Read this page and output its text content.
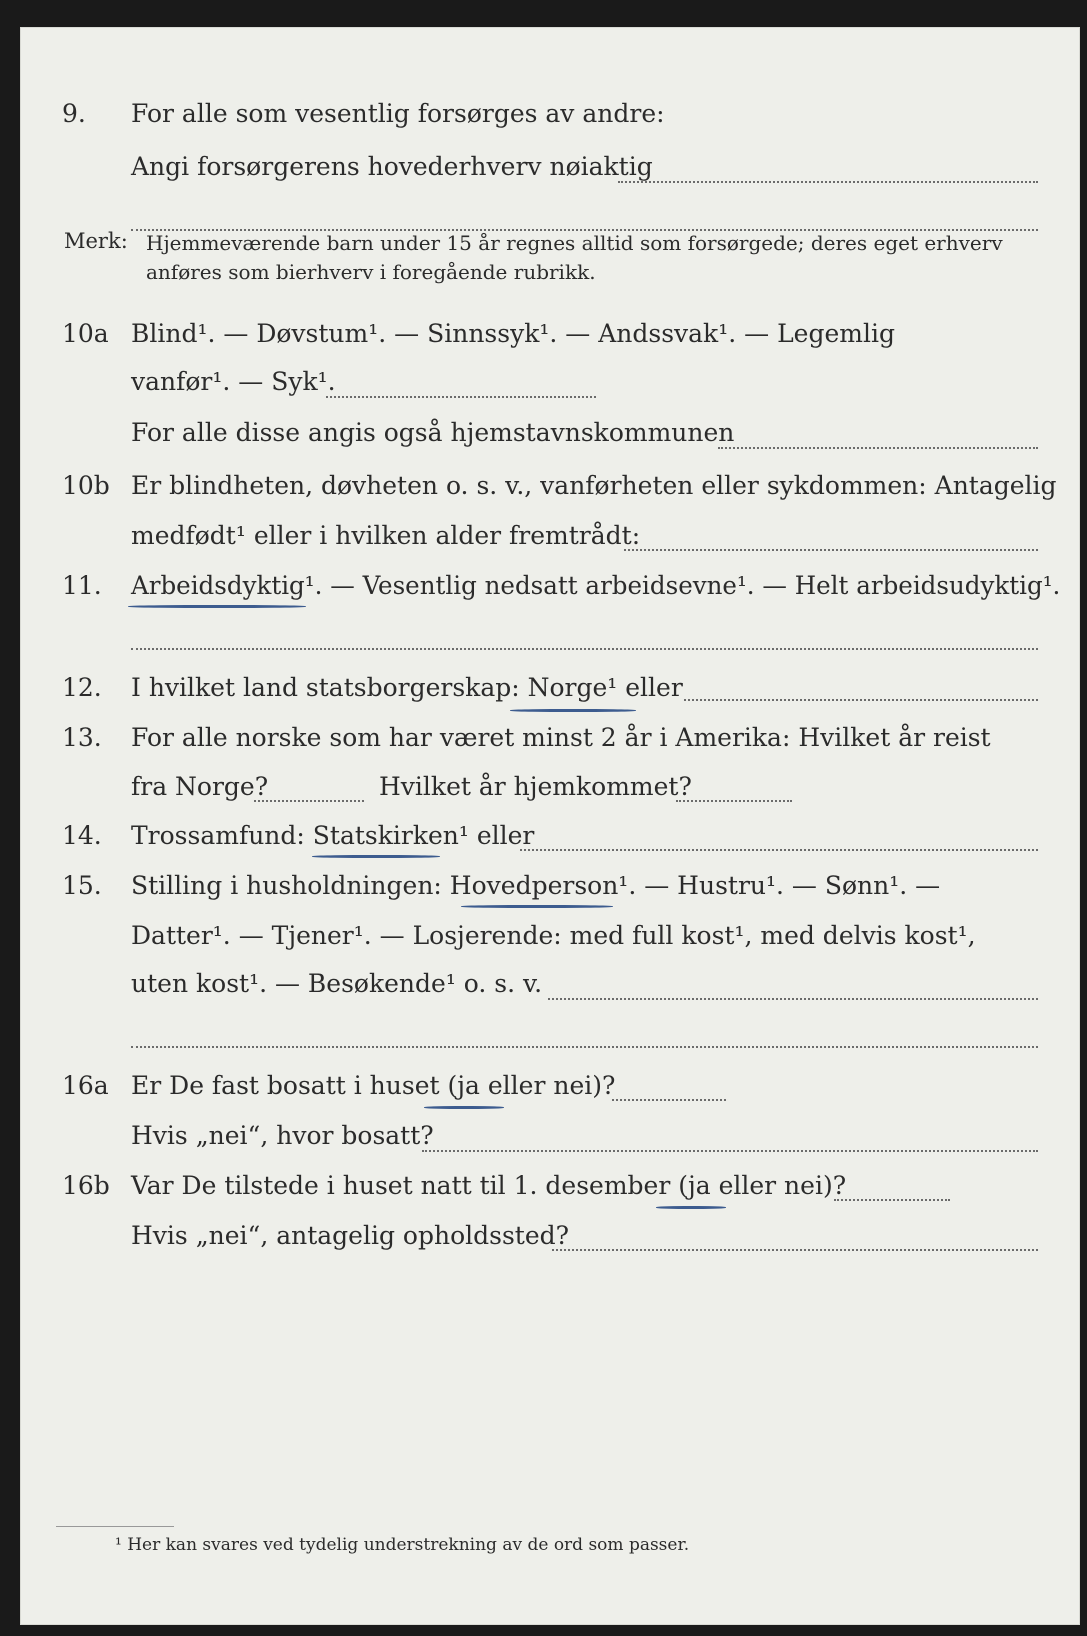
9. For alle som vesentlig forsørges av andre:
Angi forsørgerens hovederhverv nøiaktig
Merk: Hjemmeværende barn under 15 år regnes alltid som forsørgede; deres eget erhverv
anføres som bierhverv i foregående rubrikk.
10a Blind¹. — Døvstum¹. — Sinnssyk¹. — Andssvak¹. — Legemlig
vanfør¹. — Syk¹.
For alle disse angis også hjemstavnskommunen
10b Er blindheten, døvheten o. s. v., vanførheten eller sykdommen: Antagelig
medfødt¹ eller i hvilken alder fremtrådt:
11. Arbeidsdyktig¹. — Vesentlig nedsatt arbeidsevne¹. — Helt arbeidsudyktig¹.
12. I hvilket land statsborgerskap: Norge¹ eller
13. For alle norske som har været minst 2 år i Amerika: Hvilket år reist
fra Norge?	Hvilket år hjemkommet?
14. Trossamfund: Statskirken¹ eller
15. Stilling i husholdningen: Hovedperson¹. — Hustru¹. — Sønn¹. —
Datter¹. — Tjener¹. — Losjerende: med full kost¹, med delvis kost¹,
uten kost¹. — Besøkende¹ o. s. v.
16a Er De fast bosatt i huset (ja eller nei)?
Hvis „nei“, hvor bosatt?
16b Var De tilstede i huset natt til 1. desember (ja eller nei)?
Hvis „nei“, antagelig opholdssted?
¹ Her kan svares ved tydelig understrekning av de ord som passer.
